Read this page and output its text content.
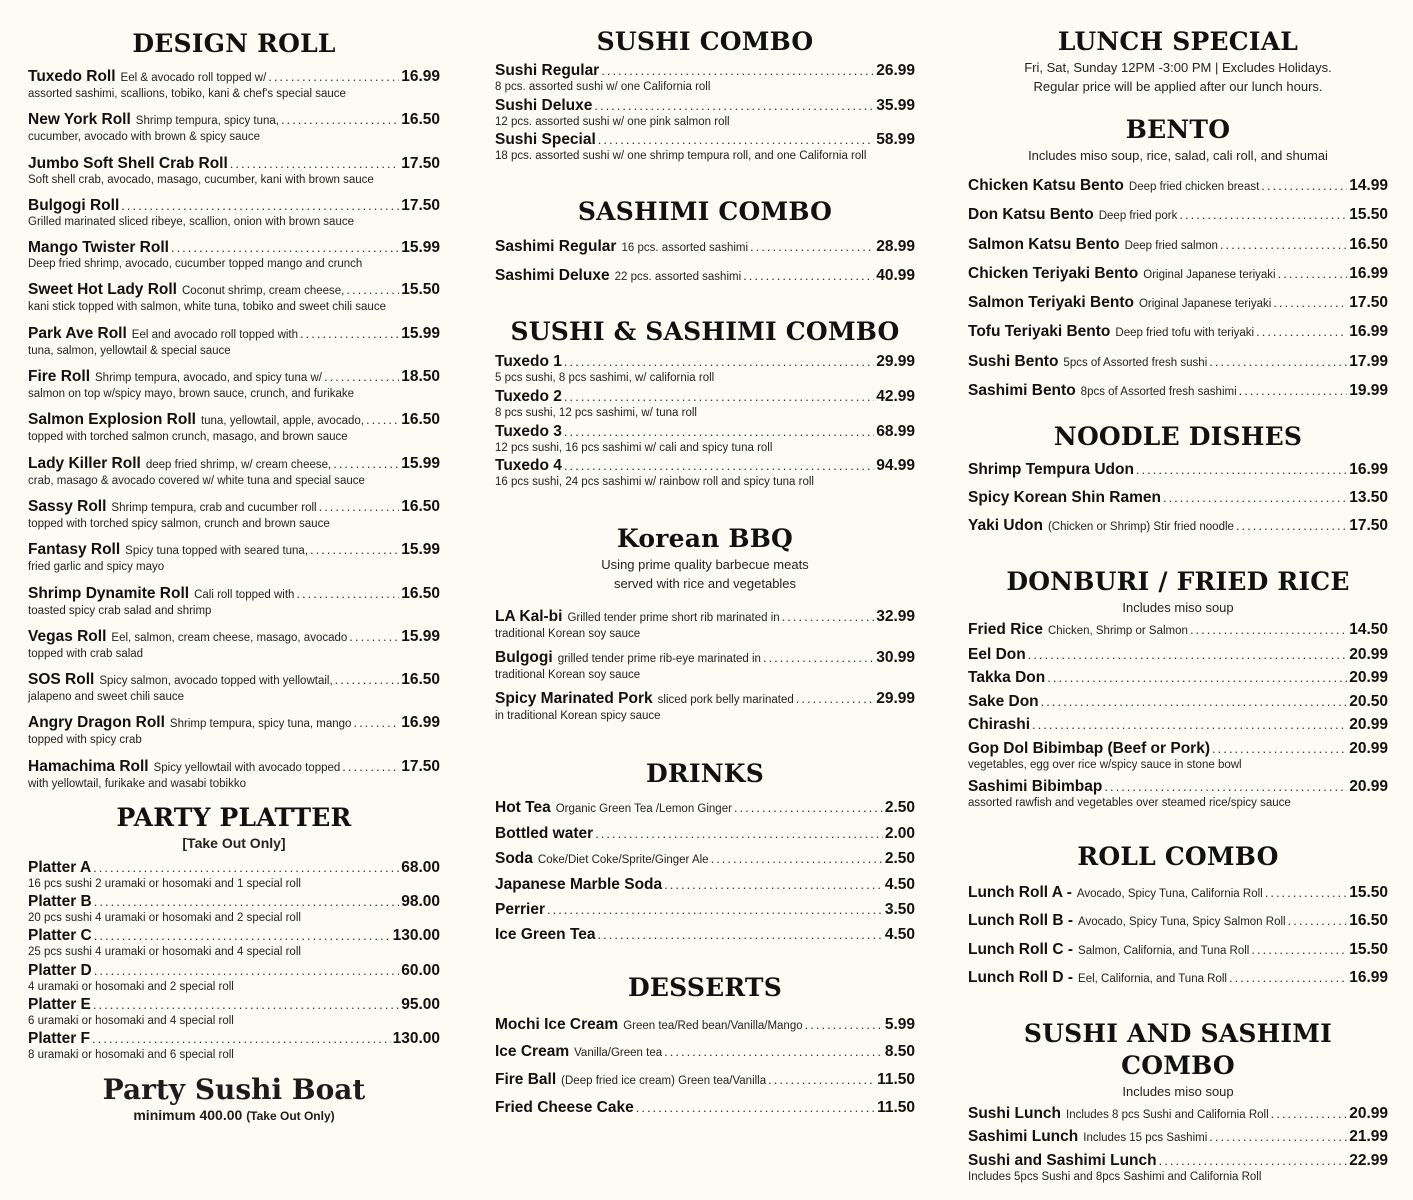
DESIGN ROLL
Tuxedo Roll Eel & avocado roll topped w/ .....	16.99
assorted sashimi, scallions, tobiko, kani & chef's special sauce
New York Roll Shrimp tempura, spicy tuna, .....	16.50
cucumber, avocado with brown & spicy sauce
Jumbo Soft Shell Crab Roll .....	17.50
Soft shell crab, avocado, masago, cucumber, kani with brown sauce
Bulgogi Roll .....	17.50
Grilled marinated sliced ribeye, scallion, onion with brown sauce
Mango Twister Roll .....	15.99
Deep fried shrimp, avocado, cucumber topped mango and crunch
Sweet Hot Lady Roll Coconut shrimp, cream cheese, .....	15.50
kani stick topped with salmon, white tuna, tobiko and sweet chili sauce
Park Ave Roll Eel and avocado roll topped with .....	15.99
tuna, salmon, yellowtail & special sauce
Fire Roll Shrimp tempura, avocado, and spicy tuna w/ .....	18.50
salmon on top w/spicy mayo, brown sauce, crunch, and furikake
Salmon Explosion Roll tuna, yellowtail, apple, avocado, ..... 16.50
topped with torched salmon crunch, masago, and brown sauce
Lady Killer Roll deep fried shrimp, w/ cream cheese, .....	15.99
crab, masago & avocado covered w/ white tuna and special sauce
Sassy Roll Shrimp tempura, crab and cucumber roll .....	16.50
topped with torched spicy salmon, crunch and brown sauce
Fantasy Roll Spicy tuna topped with seared tuna, .....	15.99
fried garlic and spicy mayo
Shrimp Dynamite Roll Cali roll topped with .....	16.50
toasted spicy crab salad and shrimp
Vegas Roll Eel, salmon, cream cheese, masago, avocado .....	15.99
topped with crab salad
SOS Roll Spicy salmon, avocado topped with yellowtail, .....	16.50
jalapeno and sweet chili sauce
Angry Dragon Roll Shrimp tempura, spicy tuna, mango .....	16.99
topped with spicy crab
Hamachima Roll Spicy yellowtail with avocado topped .....	17.50
with yellowtail, furikake and wasabi tobikko
PARTY PLATTER
[Take Out Only]
Platter A .....	68.00
16 pcs sushi 2 uramaki or hosomaki and 1 special roll
Platter B .....	98.00
20 pcs sushi 4 uramaki or hosomaki and 2 special roll
Platter C .....	130.00
25 pcs sushi 4 uramaki or hosomaki and 4 special roll
Platter D .....	60.00
4 uramaki or hosomaki and 2 special roll
Platter E .....	95.00
6 uramaki or hosomaki and 4 special roll
Platter F .....	130.00
8 uramaki or hosomaki and 6 special roll
Party Sushi Boat
minimum 400.00 (Take Out Only)
SUSHI COMBO
Sushi Regular .....	26.99
8 pcs. assorted sushi w/ one California roll
Sushi Deluxe .....	35.99
12 pcs. assorted sushi w/ one pink salmon roll
Sushi Special .....	58.99
18 pcs. assorted sushi w/ one shrimp tempura roll, and one California roll
SASHIMI COMBO
Sashimi Regular 16 pcs. assorted sashimi .....	28.99
Sashimi Deluxe 22 pcs. assorted sashimi .....	40.99
SUSHI & SASHIMI COMBO
Tuxedo 1 .....	29.99
5 pcs sushi, 8 pcs sashimi, w/ california roll
Tuxedo 2 .....	42.99
8 pcs sushi, 12 pcs sashimi, w/ tuna roll
Tuxedo 3 .....	68.99
12 pcs sushi, 16 pcs sashimi w/ cali and spicy tuna roll
Tuxedo 4 .....	94.99
16 pcs sushi, 24 pcs sashimi w/ rainbow roll and spicy tuna roll
Korean BBQ
Using prime quality barbecue meats
served with rice and vegetables
LA Kal-bi Grilled tender prime short rib marinated in .....	32.99
traditional Korean soy sauce
Bulgogi grilled tender prime rib-eye marinated in .....	30.99
traditional Korean soy sauce
Spicy Marinated Pork sliced pork belly marinated .....	29.99
in traditional Korean spicy sauce
DRINKS
Hot Tea Organic Green Tea /Lemon Ginger .....	2.50
Bottled water .....	2.00
Soda Coke/Diet Coke/Sprite/Ginger Ale .....	2.50
Japanese Marble Soda .....	4.50
Perrier .....	3.50
Ice Green Tea .....	4.50
DESSERTS
Mochi Ice Cream Green tea/Red bean/Vanilla/Mango .....	5.99
Ice Cream Vanilla/Green tea .....	8.50
Fire Ball (Deep fried ice cream) Green tea/Vanilla .....	11.50
Fried Cheese Cake .....	11.50
LUNCH SPECIAL
Fri, Sat, Sunday 12PM -3:00 PM | Excludes Holidays.
Regular price will be applied after our lunch hours.
BENTO
Includes miso soup, rice, salad, cali roll, and shumai
Chicken Katsu Bento Deep fried chicken breast .....	14.99
Don Katsu Bento Deep fried pork .....	15.50
Salmon Katsu Bento Deep fried salmon .....	16.50
Chicken Teriyaki Bento Original Japanese teriyaki .....	16.99
Salmon Teriyaki Bento Original Japanese teriyaki .....	17.50
Tofu Teriyaki Bento Deep fried tofu with teriyaki .....	16.99
Sushi Bento 5pcs of Assorted fresh sushi .....	17.99
Sashimi Bento 8pcs of Assorted fresh sashimi .....	19.99
NOODLE DISHES
Shrimp Tempura Udon .....	16.99
Spicy Korean Shin Ramen .....	13.50
Yaki Udon (Chicken or Shrimp) Stir fried noodle .....	17.50
DONBURI / FRIED RICE
Includes miso soup
Fried Rice Chicken, Shrimp or Salmon .....	14.50
Eel Don .....	20.99
Takka Don .....	20.99
Sake Don .....	20.50
Chirashi .....	20.99
Gop Dol Bibimbap (Beef or Pork) .....	20.99
vegetables, egg over rice w/spicy sauce in stone bowl
Sashimi Bibimbap .....	20.99
assorted rawfish and vegetables over steamed rice/spicy sauce
ROLL COMBO
Lunch Roll A - Avocado, Spicy Tuna, California Roll .....	15.50
Lunch Roll B - Avocado, Spicy Tuna, Spicy Salmon Roll .....	16.50
Lunch Roll C - Salmon, California, and Tuna Roll .....	15.50
Lunch Roll D - Eel, California, and Tuna Roll .....	16.99
SUSHI AND SASHIMI COMBO
Includes miso soup
Sushi Lunch Includes 8 pcs Sushi and California Roll .....	20.99
Sashimi Lunch Includes 15 pcs Sashimi .....	21.99
Sushi and Sashimi Lunch .....	22.99
Includes 5pcs Sushi and 8pcs Sashimi and California Roll
